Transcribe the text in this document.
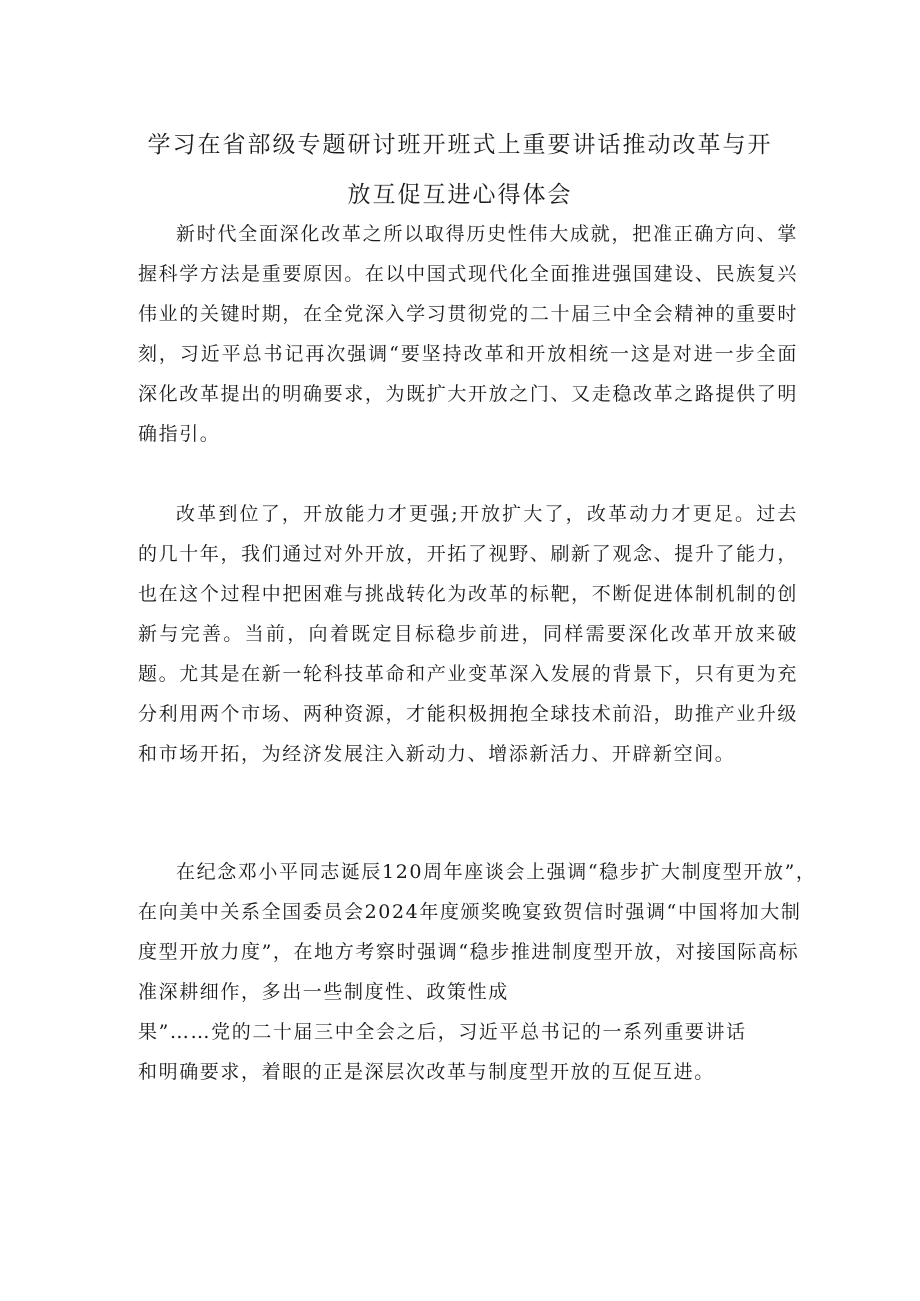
学习在省部级专题研讨班开班式上重要讲话推动改革与开
放互促互进心得体会

新时代全面深化改革之所以取得历史性伟大成就，把准正确方向、掌握科学方法是重要原因。在以中国式现代化全面推进强国建设、民族复兴伟业的关键时期，在全党深入学习贯彻党的二十届三中全会精神的重要时刻，习近平总书记再次强调“要坚持改革和开放相统一这是对进一步全面深化改革提出的明确要求，为既扩大开放之门、又走稳改革之路提供了明确指引。

改革到位了，开放能力才更强;开放扩大了，改革动力才更足。过去的几十年，我们通过对外开放，开拓了视野、刷新了观念、提升了能力，也在这个过程中把困难与挑战转化为改革的标靶，不断促进体制机制的创新与完善。当前，向着既定目标稳步前进，同样需要深化改革开放来破题。尤其是在新一轮科技革命和产业变革深入发展的背景下，只有更为充分利用两个市场、两种资源，才能积极拥抱全球技术前沿，助推产业升级和市场开拓，为经济发展注入新动力、增添新活力、开辟新空间。

在纪念邓小平同志诞辰120周年座谈会上强调“稳步扩大制度型开放”，
在向美中关系全国委员会2024年度颁奖晚宴致贺信时强调“中国将加大制
度型开放力度”，在地方考察时强调“稳步推进制度型开放，对接国际高标
准深耕细作，多出一些制度性、政策性成
果”……党的二十届三中全会之后，习近平总书记的一系列重要讲话
和明确要求，着眼的正是深层次改革与制度型开放的互促互进。
